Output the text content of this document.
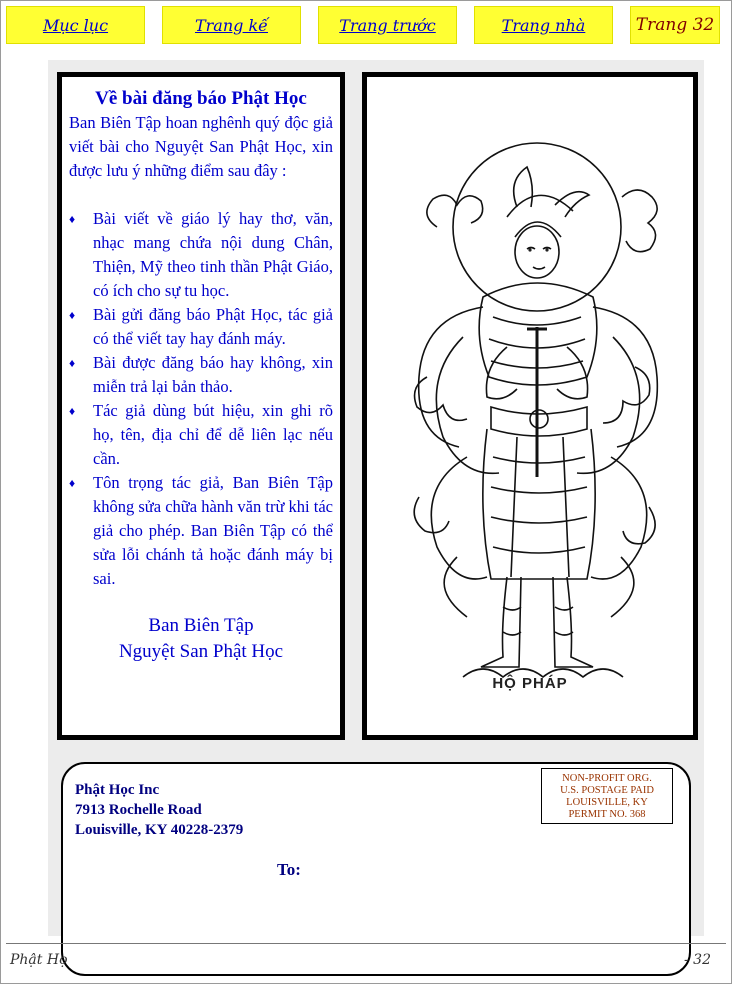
Mục lục	Trang kế	Trang trước	Trang nhà	Trang 32
Về bài đăng báo Phật Học

Ban Biên Tập hoan nghênh quý độc giả viết bài cho Nguyệt San Phật Học, xin được lưu ý những điểm sau đây :

♦ Bài viết về giáo lý hay thơ, văn, nhạc mang chứa nội dung Chân, Thiện, Mỹ theo tinh thần Phật Giáo, có ích cho sự tu học.
♦ Bài gửi đăng báo Phật Học, tác giả có thể viết tay hay đánh máy.
♦ Bài được đăng báo hay không, xin miễn trả lại bản thảo.
♦ Tác giả dùng bút hiệu, xin ghi rõ họ, tên, địa chỉ để dễ liên lạc nếu cần.
♦ Tôn trọng tác giả, Ban Biên Tập không sửa chữa hành văn trừ khi tác giả cho phép. Ban Biên Tập có thể sửa lỗi chánh tả hoặc đánh máy bị sai.
Ban Biên Tập
Nguyệt San Phật Học
HỘ PHÁP
Phật Học Inc
7913 Rochelle Road
Louisville, KY 40228-2379
NON-PROFIT ORG.
U.S. POSTAGE PAID
LOUISVILLE, KY
PERMIT NO. 368
To:
Phật Họ	- 32
